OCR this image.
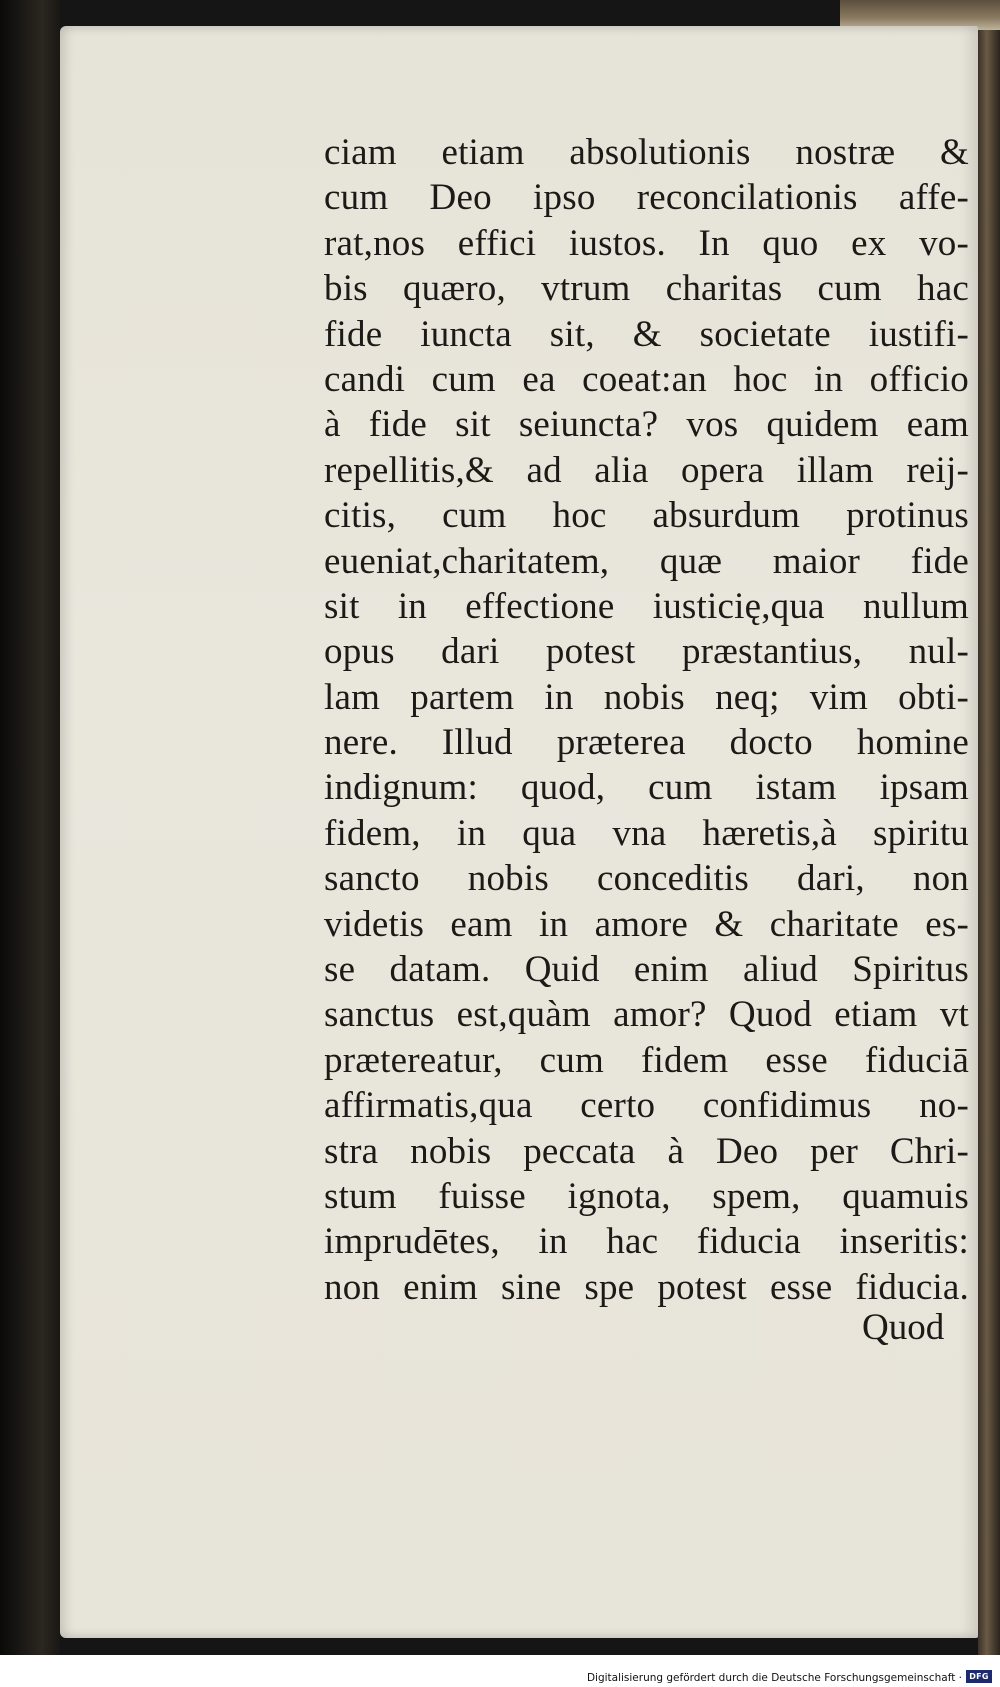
ciam etiam absolutionis nostræ &
cum Deo ipso reconcilationis affe-
rat,nos effici iustos. In quo ex vo-
bis quæro, vtrum charitas cum hac
fide iuncta sit, & societate iustifi-
candi cum ea coeat:an hoc in officio
à fide sit seiuncta? vos quidem eam
repellitis,& ad alia opera illam reij-
citis, cum hoc absurdum protinus
eueniat,charitatem, quæ maior fide
sit in effectione iusticię,qua nullum
opus dari potest præstantius, nul-
lam partem in nobis neq; vim obti-
nere. Illud præterea docto homine
indignum: quod, cum istam ipsam
fidem, in qua vna hæretis,à spiritu
sancto nobis conceditis dari, non
videtis eam in amore & charitate es-
se datam. Quid enim aliud Spiritus
sanctus est,quàm amor? Quod etiam vt
prætereatur, cum fidem esse fiduciā
affirmatis,qua certo confidimus no-
stra nobis peccata à Deo per Chri-
stum fuisse ignota, spem, quamuis
imprudētes, in hac fiducia inseritis:
non enim sine spe potest esse fiducia.
Quod
Digitalisierung gefördert durch die Deutsche Forschungsgemeinschaft · DFG
